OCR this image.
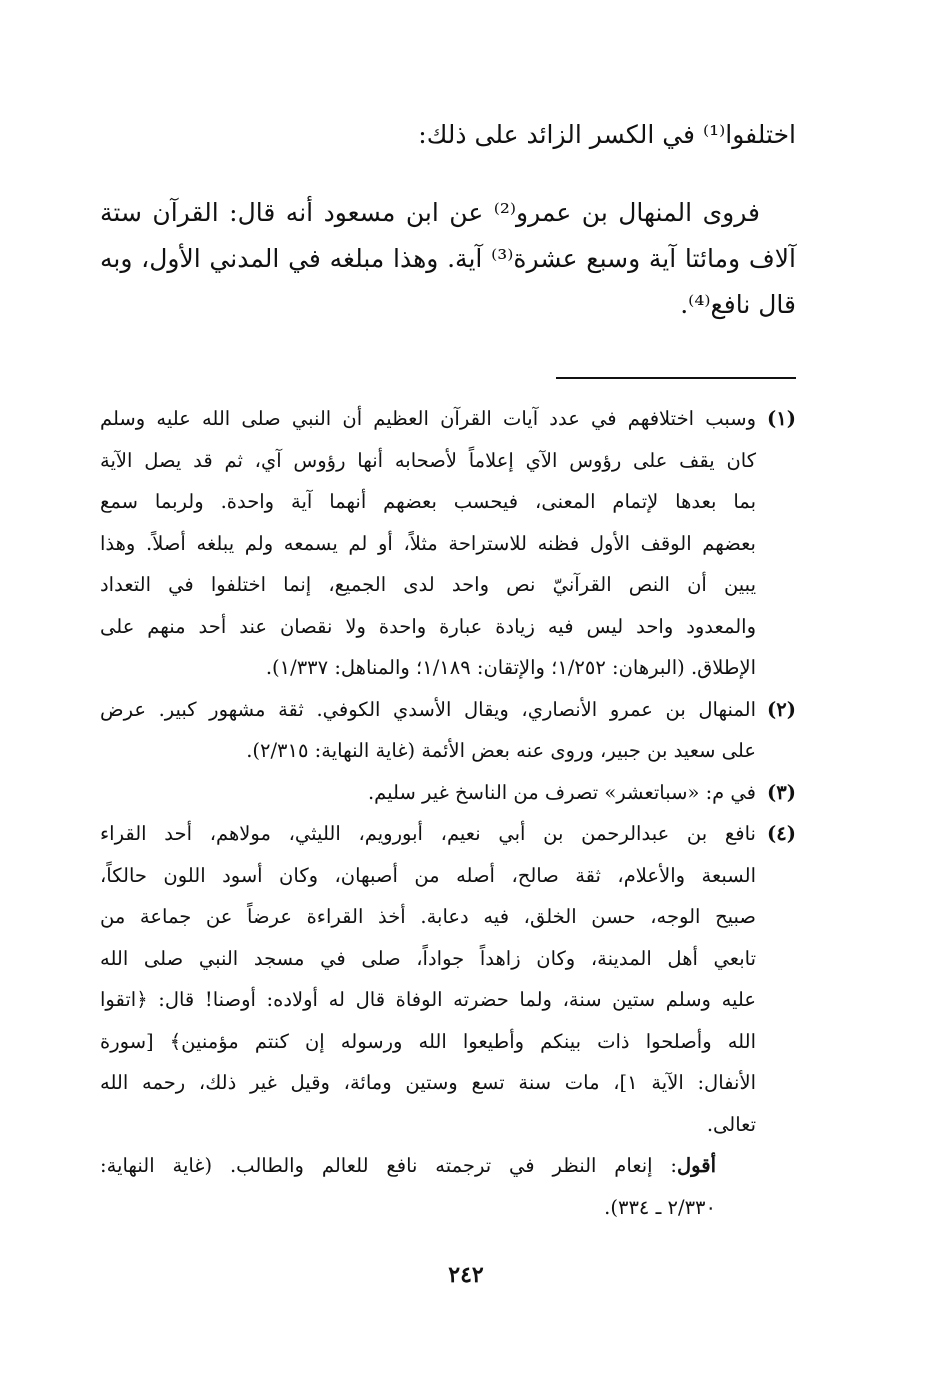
اختلفوا⁽¹⁾ في الكسر الزائد على ذلك:
فروى المنهال بن عمرو⁽²⁾ عن ابن مسعود أنه قال: القرآن ستة
آلاف ومائتا آية وسبع عشرة⁽³⁾ آية. وهذا مبلغه في المدني الأول، وبه
قال نافع⁽⁴⁾.
(١)
وسبب اختلافهم في عدد آيات القرآن العظيم أن النبي صلى الله عليه وسلم
كان يقف على رؤوس الآي إعلاماً لأصحابه أنها رؤوس آي، ثم قد يصل الآية
بما بعدها لإتمام المعنى، فيحسب بعضهم أنهما آية واحدة. ولربما سمع
بعضهم الوقف الأول فظنه للاستراحة مثلاً، أو لم يسمعه ولم يبلغه أصلاً. وهذا
يبين أن النص القرآنيّ نص واحد لدى الجميع، إنما اختلفوا في التعداد
والمعدود واحد ليس فيه زيادة عبارة واحدة ولا نقصان عند أحد منهم على
الإطلاق. (البرهان: ١/٢٥٢؛ والإتقان: ١/١٨٩؛ والمناهل: ١/٣٣٧).
(٢)
المنهال بن عمرو الأنصاري، ويقال الأسدي الكوفي. ثقة مشهور كبير. عرض
على سعيد بن جبير، وروى عنه بعض الأئمة (غاية النهاية: ٢/٣١٥).
(٣)
في م: «سباتعشر» تصرف من الناسخ غير سليم.
(٤)
نافع بن عبدالرحمن بن أبي نعيم، أبورويم، الليثي، مولاهم، أحد القراء
السبعة والأعلام، ثقة صالح، أصله من أصبهان، وكان أسود اللون حالكاً،
صبيح الوجه، حسن الخلق، فيه دعابة. أخذ القراءة عرضاً عن جماعة من
تابعي أهل المدينة، وكان زاهداً جواداً، صلى في مسجد النبي صلى الله
عليه وسلم ستين سنة، ولما حضرته الوفاة قال له أولاده: أوصنا! قال: ﴿اتقوا
الله وأصلحوا ذات بينكم وأطيعوا الله ورسوله إن كنتم مؤمنين﴾ [سورة
الأنفال: الآية ١]، مات سنة تسع وستين ومائة، وقيل غير ذلك، رحمه الله
تعالى.
أقول: إنعام النظر في ترجمته نافع للعالم والطالب. (غاية النهاية:
٢/٣٣٠ ـ ٣٣٤).
٢٤٢
